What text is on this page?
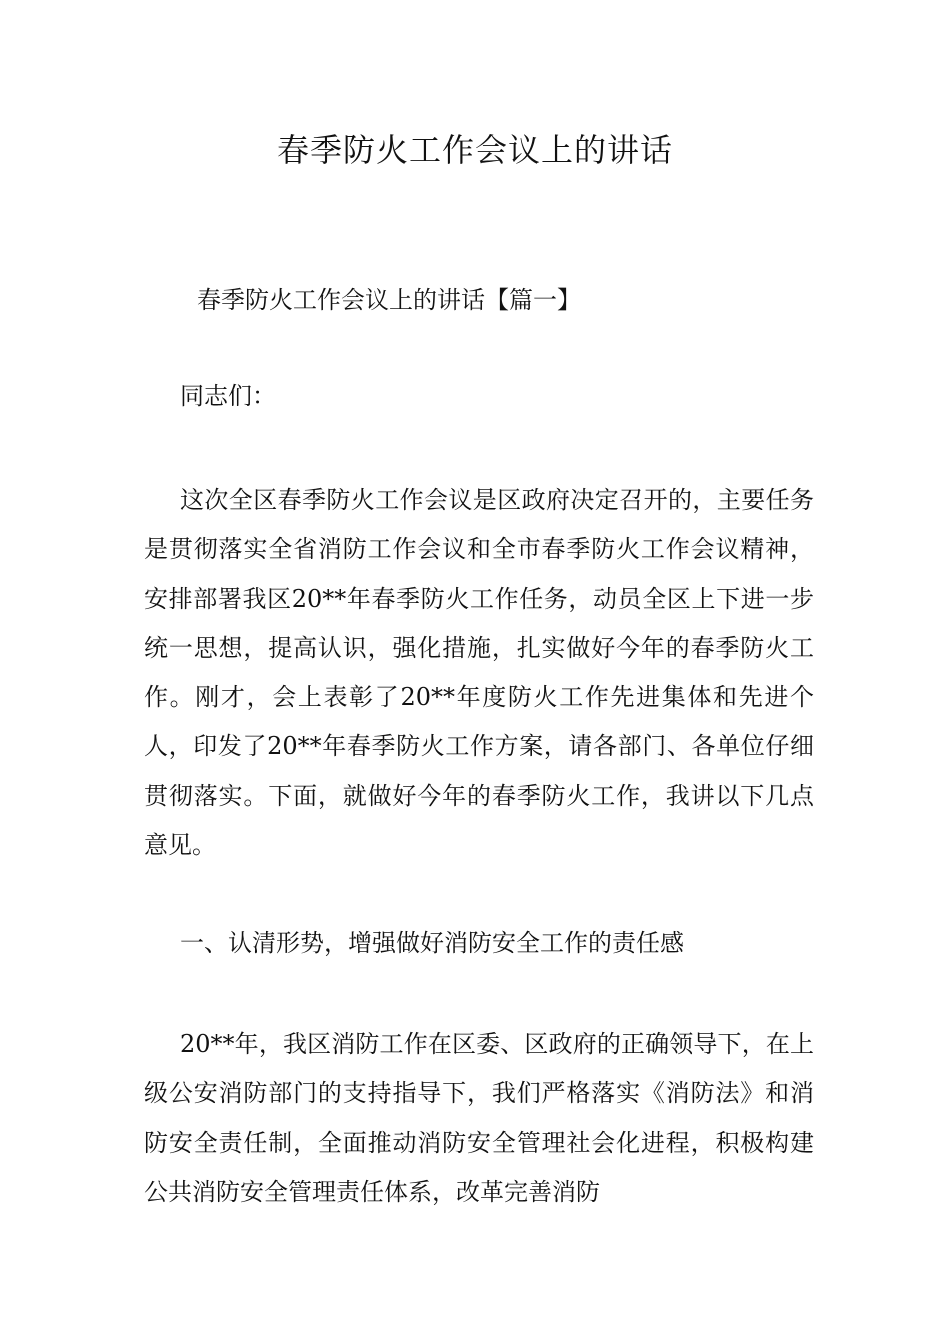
春季防火工作会议上的讲话
春季防火工作会议上的讲话【篇一】
同志们：

这次全区春季防火工作会议是区政府决定召开的，主要任务是贯彻落实全省消防工作会议和全市春季防火工作会议精神，安排部署我区20**年春季防火工作任务，动员全区上下进一步统一思想，提高认识，强化措施，扎实做好今年的春季防火工作。刚才，会上表彰了20**年度防火工作先进集体和先进个人，印发了20**年春季防火工作方案，请各部门、各单位仔细贯彻落实。下面，就做好今年的春季防火工作，我讲以下几点意见。

一、认清形势，增强做好消防安全工作的责任感

20**年，我区消防工作在区委、区政府的正确领导下，在上级公安消防部门的支持指导下，我们严格落实《消防法》和消防安全责任制，全面推动消防安全管理社会化进程，积极构建公共消防安全管理责任体系，改革完善消防
